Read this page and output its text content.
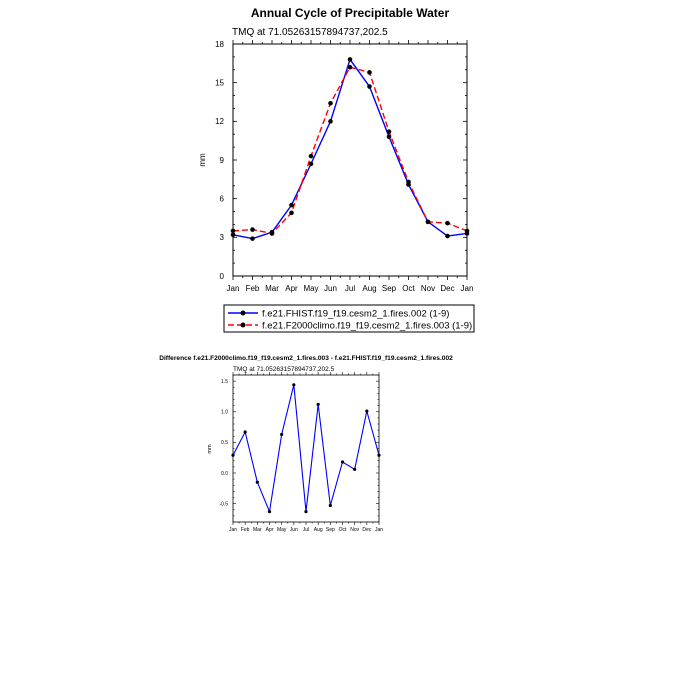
Annual Cycle of Precipitable Water
TMQ at 71.05263157894737,202.5
mm
0
3
6
9
12
15
18
Jan Feb Mar Apr May Jun Jul Aug Sep Oct Nov Dec Jan
f.e21.FHIST.f19_f19.cesm2_1.fires.002 (1-9)
f.e21.F2000climo.f19_f19.cesm2_1.fires.003 (1-9)
Difference f.e21.F2000climo.f19_f19.cesm2_1.fires.003 - f.e21.FHIST.f19_f19.cesm2_1.fires.002
TMQ at 71.05263157894737,202.5
mm
-0.5
0.0
0.5
1.0
1.5
Jan Feb Mar Apr May Jun Jul Aug Sep Oct Nov Dec Jan
